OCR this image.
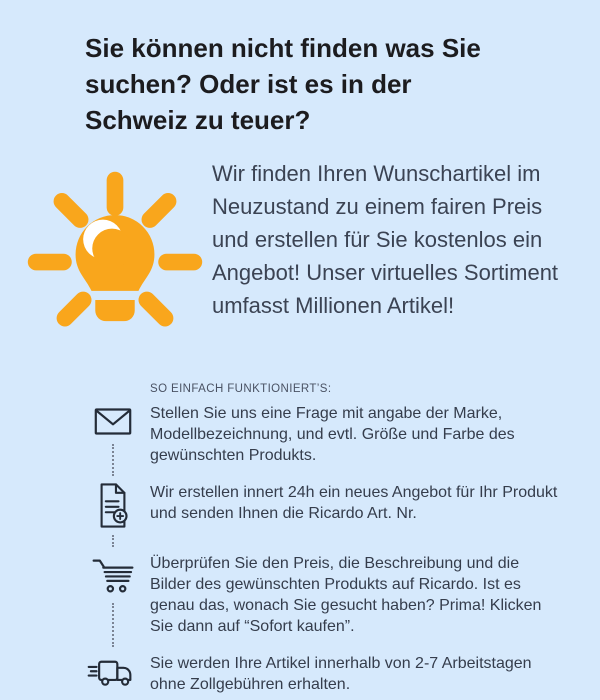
Sie können nicht finden was Sie suchen? Oder ist es in der Schweiz zu teuer?

Wir finden Ihren Wunschartikel im Neuzustand zu einem fairen Preis und erstellen für Sie kostenlos ein Angebot! Unser virtuelles Sortiment umfasst Millionen Artikel!

SO EINFACH FUNKTIONIERT’S:

Stellen Sie uns eine Frage mit angabe der Marke, Modellbezeichnung, und evtl. Größe und Farbe des gewünschten Produkts.

Wir erstellen innert 24h ein neues Angebot für Ihr Produkt und senden Ihnen die Ricardo Art. Nr.

Überprüfen Sie den Preis, die Beschreibung und die Bilder des gewünschten Produkts auf Ricardo. Ist es genau das, wonach Sie gesucht haben? Prima! Klicken Sie dann auf “Sofort kaufen”.

Sie werden Ihre Artikel innerhalb von 2-7 Arbeitstagen ohne Zollgebühren erhalten.
